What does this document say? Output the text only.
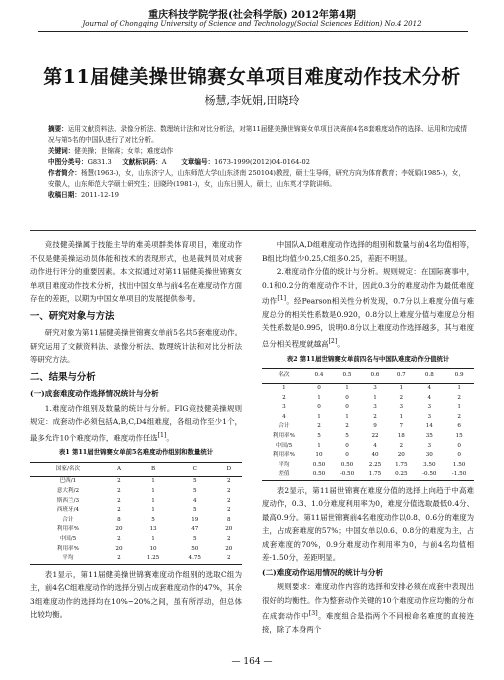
重庆科技学院学报(社会科学版) 2012年第4期
Journal of Chongqing University of Science and Technology(Social Sciences Edition) No.4 2012
第11届健美操世锦赛女单项目难度动作技术分析
杨慧,李妩娟,田晓玲
摘要：运用文献资料法、录像分析法、数理统计法和对比分析法，对第11届健美操世锦赛女单项目决赛前4名8套难度动作的选择、运用和完成情况与第5名的中国队进行了对比分析。
关键词：健美操；世锦赛；女单；难度动作
中图分类号：G831.3 文献标识码：A 文章编号：1673-1999(2012)04-0164-02
作者简介：杨慧(1963-)，女，山东济宁人，山东师范大学(山东济南 250104)教授，硕士生导师，研究方向为体育教育；李妩娟(1985-)，女，安徽人，山东师范大学硕士研究生；田晓玲(1981-)，女，山东日照人，硕士，山东英才学院讲师。
收稿日期：2011-12-19

竞技健美操属于技能主导的难美项群类体育项目，难度动作不仅是健美操运动员体能和技术的表现形式，也是裁判员对成套动作进行评分的重要因素。本文拟通过对第11届健美操世锦赛女单项目难度动作技术分析，找出中国女单与前4名在难度动作方面存在的差距，以期为中国女单项目的发展提供参考。

一、研究对象与方法

研究对象为第11届健美操世锦赛女单前5名共5套难度动作。研究运用了文献资料法、录像分析法、数理统计法和对比分析法等研究方法。

二、结果与分析
(一)成套难度动作选择情况统计与分析

1.难度动作组别及数量的统计与分析。FIG竞技健美操规则规定：成套动作必须包括A,B,C,D4组难度，各组动作至少1个，最多允许10个难度动作，难度动作任选[1]。

表1 第11届世锦赛女单前5名难度动作组别和数量统计
国家/名次	A	B	C	D
巴西/1	2	1	5	2
意大利/2	2	1	5	2
斯西兰/3	2	1	4	2
西班牙/4	2	1	5	2
合计	8	5	19	8
利用率%	20	13	47	20
中国/5	2	1	5	2
利用率%	20	10	50	20
平均	2	1.25	4.75	2

表1显示，第11届健美操世锦赛难度动作组别的选取C组为主，前4名C组难度动作的选择分别占成套难度动作的47%，其余3组难度动作的选择均在10%~20%之间，虽有所浮动，但总体比较均衡。

中国队A,D组难度动作选择的组别和数量与前4名均值相等，B组比均值少0.25,C组多0.25，差距不明显。

2.难度动作分值的统计与分析。规则规定：在国际赛事中，0.1和0.2分的难度动作不计，因此0.3分的难度动作为最低难度动作[1]。经Pearson相关性分析发现，0.7分以上难度分值与难度总分的相关性系数是0.920，0.8分以上难度分值与难度总分相关性系数是0.995，说明0.8分以上难度动作选择越多，其与难度总分相关程度就越高[2]。

表2 第11届世锦赛女单前四名与中国队难度动作分值统计
名次	0.4	0.5	0.6	0.7	0.8	0.9
1	0	1	3	1	4	1
2	1	0	1	2	4	2
3	0	0	3	3	3	1
4	1	1	2	1	3	2
合计	2	2	9	7	14	6
利用率%	5	5	22	18	35	15
中国/5	1	0	4	2	3	0
利用率%	10	0	40	20	30	0
平均	0.50	0.50	2.25	1.75	3.50	1.50
差值	0.50	-0.50	1.75	0.25	-0.50	-1.50

表2显示，第11届世锦赛在难度分值的选择上向趋于中高难度动作，0.3、1.0分难度利用率为0，难度分值选取最低0.4分、最高0.9分。第11届世锦赛前4名难度动作以0.8、0.6分的难度为主，占成套难度的57%；中国女单以0.6、0.8分的难度为主，占成套难度的70%，0.9分难度动作利用率为0，与前4名均值相差-1.50分，差距明显。

(二)难度动作运用情况的统计与分析

规则要求：难度动作内容的选择和安排必须在成套中表现出很好的均衡性。作为整套动作关键的10个难度动作应均衡的分布在成套动作中[3]。难度组合是指两个不同根命名难度的直接连接，除了本身两个

— 164 —
